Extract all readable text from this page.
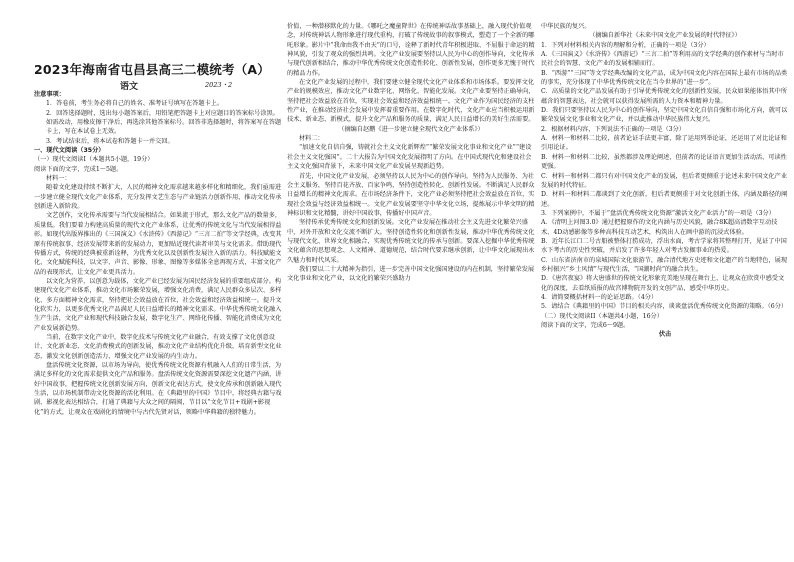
2023年海南省屯昌县高三二模统考（A）
语文	2023・2

注意事项：

1．答卷前，考生务必将自己的姓名、准考证号填写在答题卡上。

2．回答选择题时，选出每小题答案后，用铅笔把答题卡上对应题目的答案标号涂黑。如需改动，用橡皮擦干净后，再选涂其他答案标号。回答非选择题时，将答案写在答题卡上，写在本试卷上无效。

3．考试结束后，将本试卷和答题卡一并交回。

一、现代文阅读（35分）

（一）现代文阅读I（本题共5小题，19分）

阅读下面的文字，完成1～5题。

材料一：

随着文化建设持续不断扩大，人民的精神文化需求越来越多样化和精细化，我们亟需进一步建立健全现代文化产业体系，充分发挥文艺生态与产业链活力创新作用，推动文化传承创新进入新阶段。

文艺创作，文化传承需要与当代发展相结合。如果流于形式，那么文化产品的数量多，质量低。我们要着力构建高质量的现代文化产业体系，让优秀的传统文化与当代发展相得益彰。如现代出版界推出的《三国演义》《水浒传》《西游记》“三言二拍”等文学经典，改变其原有传统叙事，经济发展带来新的发展动力，更加贴近现代读者审美与文化需求。借助现代传播方式，传统的经典被重新诠释，为优秀文化以及创新性发展注入新的活力。科技赋能文化，文化赋能科技，以文字、声音、影像、形象、图像等多媒体全息再现方式，丰富文化产品的表现形式，让文化产业更具活力。

以文化为营养，以创意为载体，文化产业已经发展为国民经济发展的重要组成部分。构建现代文化产业体系，推动文化市场繁荣发展，增强文化消费，满足人民群众多层次、多样化、多方面精神文化需求，坚持把社会效益放在首位，社会效益和经济效益相统一。提升文化软实力，以更多优秀文化产品满足人民日益增长的精神文化需求。中华优秀传统文化融入生产生活，文化产业和现代科技融合发展，数字化生产、网络化传播、智能化消费成为文化产业发展新趋势。

当前，在数字文化产业中，数字化技术与传统文化产业融合，有效支撑了文化创意设计、文化新业态、文化消费模式的创新发展，推动文化产业结构优化升级，培育新型文化业态，激发文化创新创造活力，增强文化产业发展的内生动力。

盘活传统文化资源，以市场为导向，使优秀传统文化资源有机融入人们的日常生活，为满足多样化的文化需求提供文化产品和服务。盘活传统文化资源需要深挖文化遗产内涵，讲好中国故事，把握传统文化创新发展方向，创新文化表达方式，使文化传承和创新融入现代生活，以市场机制带动文化资源的活化利用。在《典籍里的中国》节目中，将经典古籍与戏剧、影视化表达相结合，打通了典籍与大众之间的隔阂，节目以“文化节目+戏剧+影视化”的方式，让观众在戏剧化的情境中与古代先贤对话，领略中华典籍的独特魅力。

价值，一种潜移默化的力量。《哪吒之魔童降世》在传统神话故事基础上，融入现代价值观念，对传统神话人物形象进行现代重构，打破了传统故事的叙事模式，塑造了一个全新的哪吒形象。影片中“我命由我不由天”的口号，诠释了新时代青年积极进取、不屈服于命运的精神风貌，引发了观众的强烈共鸣。文化产业发展要坚持以人民为中心的创作导向，文化传承与现代创新相结合，推动中华优秀传统文化创造性转化、创新性发展，创作更多无愧于时代的精品力作。

在文化产业发展的过程中，我们要建立健全现代文化产业体系和市场体系。要发挥文化产业的规模效应，推动文化产业数字化、网络化、智能化发展。文化产业要坚持正确导向，坚持把社会效益放在首位，实现社会效益和经济效益相统一。文化产业作为国民经济的支柱性产业，在推动经济社会发展中发挥着重要作用。在数字化时代，文化产业应当积极运用新技术、新业态、新模式，提升文化产品和服务的质量，满足人民日益增长的美好生活需要。

（摘编自赵鹏《进一步建立健全现代文化产业体系》）

材料二：

“加速文化自信自强，铸就社会主义文化新辉煌”“繁荣发展文化事业和文化产业”“建设社会主义文化强国”。二十大报告为中国文化发展指明了方向。在中国式现代化和建设社会主义文化强国背景下，未来中国文化产业发展呈现新趋势。

首先，中国文化产业发展，必须坚持以人民为中心的创作导向，坚持为人民服务、为社会主义服务，坚持百花齐放、百家争鸣，坚持创造性转化、创新性发展。不断满足人民群众日益增长的精神文化需求。在市场经济条件下，文化产业必须坚持把社会效益放在首位，实现社会效益与经济效益相统一。文化产业发展要坚守中华文化立场，提炼展示中华文明的精神标识和文化精髓，讲好中国故事，传播好中国声音。

坚持传承优秀传统文化和创新发展。文化产业发展在推动社会主义先进文化繁荣兴盛中，对外开放和文化交流不断扩大。坚持创造性转化和创新性发展，推动中华优秀传统文化与现代文化、世界文化相融合，实现优秀传统文化的传承与创新。要深入挖掘中华优秀传统文化蕴含的思想观念、人文精神、道德规范，结合时代要求继承创新，让中华文化展现出永久魅力和时代风采。

我们要以二十大精神为指引，进一步完善中国文化强国建设的内在机制，坚持繁荣发展文化事业和文化产业，以文化的繁荣兴盛助力

中华民族的复兴。

（摘编自新华社《未来中国文化产业发展的时代特征》）

1．下列对材料相关内容的理解和分析，正确的一项是（3分）

A．《三国演义》《水浒传》《西游记》“三言二拍”等利用高的文学经典的创作素材与当时市民社会的智慧、文化产业的发展相辅而行。

B．“西游”“三国”等文学经典改编的文化产品，成为中国文化内容在国际上最有市场的品类的事实，充分体现了中华优秀传统文化在当今世界的“进一步”。

C．高质量的文化产品发展有助于引导优秀传统文化的创新性发展，民众如果能体悟其中所蕴含的智慧表达，社会就可以获得发展所需的人力资本和精神力量。

D．我们只要坚持以人民为中心的创作导向，坚定中国文化自信自强和市场化方向，就可以繁荣发展文化事业和文化产业，并以此推动中华民族伟大复兴。

2．根据材料内容，下列说法不正确的一项是（3分）

A．材料一和材料二比较，前者论证手法更丰富，除了运用列举论证，还运用了对比论证和引用论证。

B．材料一和材料二比较，虽然都涉及理论阐述，但前者的论证语言更加生活动活，可读性更强。

C．材料一和材料二都只有对中国文化产业的发展，但后者更侧重于论述未来中国文化产业发展的时代特征。

D．材料一和材料二都谈到了文化创新，但后者更侧重于对文化创新主体，内涵及路径的阐述。

3．下列案例中，不属于“盘活优秀传统文化资源”激活文化产业活力”的一项是（3分）

A．《清明上河图3.0》通过把握原作的文化内涵与历史风貌，融合8K超高清数字互动技术、4D动感影像等多种高科技互动艺术，构筑出人在画中游的沉浸式体验。

B．近年长江口二号古船被整体打捞成功，浮出水面，考古学家将其整理打开，见证了中国水下考古的历史性突破，并启发了许多年轻人对考古发掘事业的热爱。

C．山东省济南市的泉城国际文化旅游节，融合清代地方史迹和文化遗产的当地特色，展现乡村振兴“乡土风情”与现代生活，“国潮时尚”的融合共生。

D．《唐宫夜宴》将大唐盛世的传统文化形象充美地呈现在舞台上，让观众在欣赏中感受文化的深度，去看纸质报的故宫博物院开发的文创产品，感受中华历史。

4．请简要概括材料一的论证思路。（4分）

5．请结合《典籍里的中国》节目的相关内容，谈谈盘活优秀传统文化资源的策略。（6分）

（二）现代文阅读II（本题共4小题，16分）

阅读下面的文字，完成6～9题。

伏击
